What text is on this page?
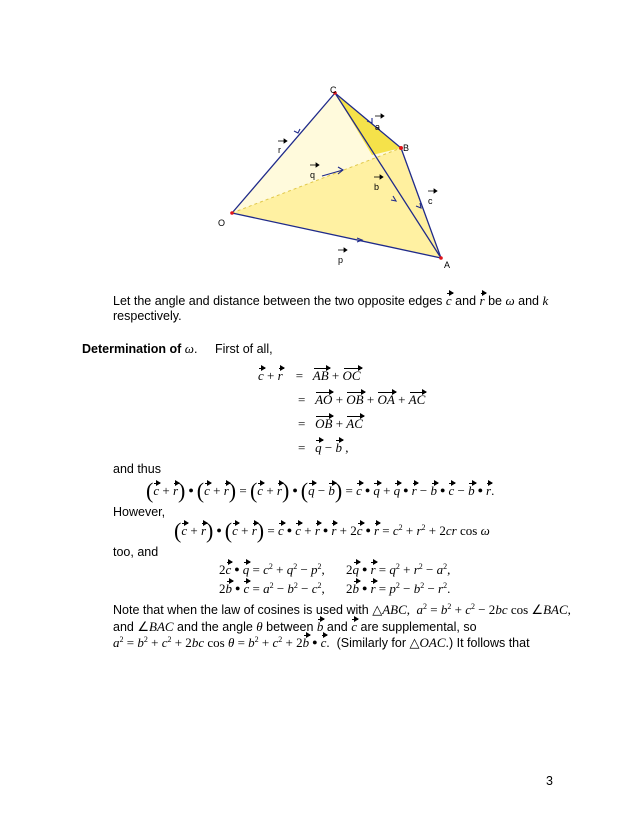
C
B
O
A
a
r
q
b
c
p
Let the angle and distance between the two opposite edges c and r be ω and k
respectively.
Determination of ω. First of all,
c + r    =   AB + OC
=   AO + OB + OA + AC
=   OB + AC
=   q − b ,
and thus
(c + r) ● (c + r) = (c + r) ● (q − b) = c ● q + q ● r − b ● c − b ● r.
However,
(c + r) ● (c + r) = c ● c + r ● r + 2c ● $r = c^2 + r^2 + 2cr$ cos ω
too, and
2c ● $q = c^2 + q^2 - p^2$, 2q ● $r = q^2 + r^2 - a^2$,
2b ● $c = a^2 - b^2 - c^2$, 2b ● $r = p^2 - b^2 - r^2$.
Note that when the law of cosines is used with △ABC,  $a^2 = b^2 + c^2 - 2bc$ cos ∠BAC,
and ∠BAC and the angle θ between b and c are supplemental, so
$a^2 = b^2 + c^2 + 2bc$ $\cos \theta = b^2 + c^2 + 2b$ ● c. (Similarly for △OAC.) It follows that
3
